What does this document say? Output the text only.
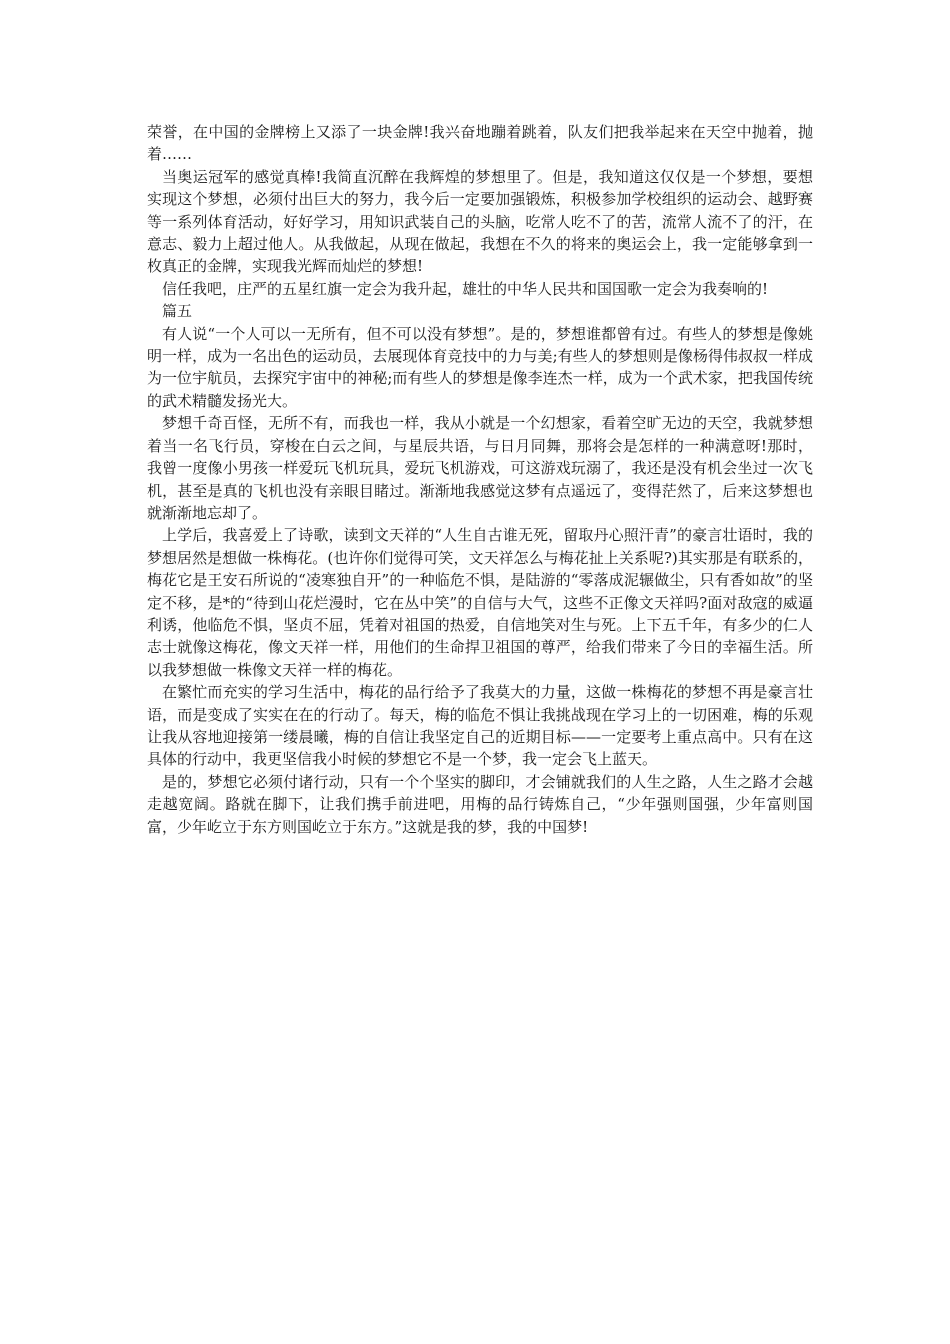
荣誉，在中国的金牌榜上又添了一块金牌!我兴奋地蹦着跳着，队友们把我举起来在天空中抛着，抛着……

当奥运冠军的感觉真棒!我简直沉醉在我辉煌的梦想里了。但是，我知道这仅仅是一个梦想，要想实现这个梦想，必须付出巨大的努力，我今后一定要加强锻炼，积极参加学校组织的运动会、越野赛等一系列体育活动，好好学习，用知识武装自己的头脑，吃常人吃不了的苦，流常人流不了的汗，在意志、毅力上超过他人。从我做起，从现在做起，我想在不久的将来的奥运会上，我一定能够拿到一枚真正的金牌，实现我光辉而灿烂的梦想!

信任我吧，庄严的五星红旗一定会为我升起，雄壮的中华人民共和国国歌一定会为我奏响的!

篇五

有人说“一个人可以一无所有，但不可以没有梦想”。是的，梦想谁都曾有过。有些人的梦想是像姚明一样，成为一名出色的运动员，去展现体育竞技中的力与美;有些人的梦想则是像杨得伟叔叔一样成为一位宇航员，去探究宇宙中的神秘;而有些人的梦想是像李连杰一样，成为一个武术家，把我国传统的武术精髓发扬光大。

梦想千奇百怪，无所不有，而我也一样，我从小就是一个幻想家，看着空旷无边的天空，我就梦想着当一名飞行员，穿梭在白云之间，与星辰共语，与日月同舞，那将会是怎样的一种满意呀!那时，我曾一度像小男孩一样爱玩飞机玩具，爱玩飞机游戏，可这游戏玩溺了，我还是没有机会坐过一次飞机，甚至是真的飞机也没有亲眼目睹过。渐渐地我感觉这梦有点遥远了，变得茫然了，后来这梦想也就渐渐地忘却了。

上学后，我喜爱上了诗歌，读到文天祥的“人生自古谁无死，留取丹心照汗青”的豪言壮语时，我的梦想居然是想做一株梅花。(也许你们觉得可笑，文天祥怎么与梅花扯上关系呢?)其实那是有联系的，梅花它是王安石所说的“凌寒独自开”的一种临危不惧，是陆游的“零落成泥辗做尘，只有香如故”的坚定不移，是*的“待到山花烂漫时，它在丛中笑”的自信与大气，这些不正像文天祥吗?面对敌寇的威逼利诱，他临危不惧，坚贞不屈，凭着对祖国的热爱，自信地笑对生与死。上下五千年，有多少的仁人志士就像这梅花，像文天祥一样，用他们的生命捍卫祖国的尊严，给我们带来了今日的幸福生活。所以我梦想做一株像文天祥一样的梅花。

在繁忙而充实的学习生活中，梅花的品行给予了我莫大的力量，这做一株梅花的梦想不再是豪言壮语，而是变成了实实在在的行动了。每天，梅的临危不惧让我挑战现在学习上的一切困难，梅的乐观让我从容地迎接第一缕晨曦，梅的自信让我坚定自己的近期目标——一定要考上重点高中。只有在这具体的行动中，我更坚信我小时候的梦想它不是一个梦，我一定会飞上蓝天。

是的，梦想它必须付诸行动，只有一个个坚实的脚印，才会铺就我们的人生之路，人生之路才会越走越宽阔。路就在脚下，让我们携手前进吧，用梅的品行铸炼自己，“少年强则国强，少年富则国富，少年屹立于东方则国屹立于东方。”这就是我的梦，我的中国梦!
